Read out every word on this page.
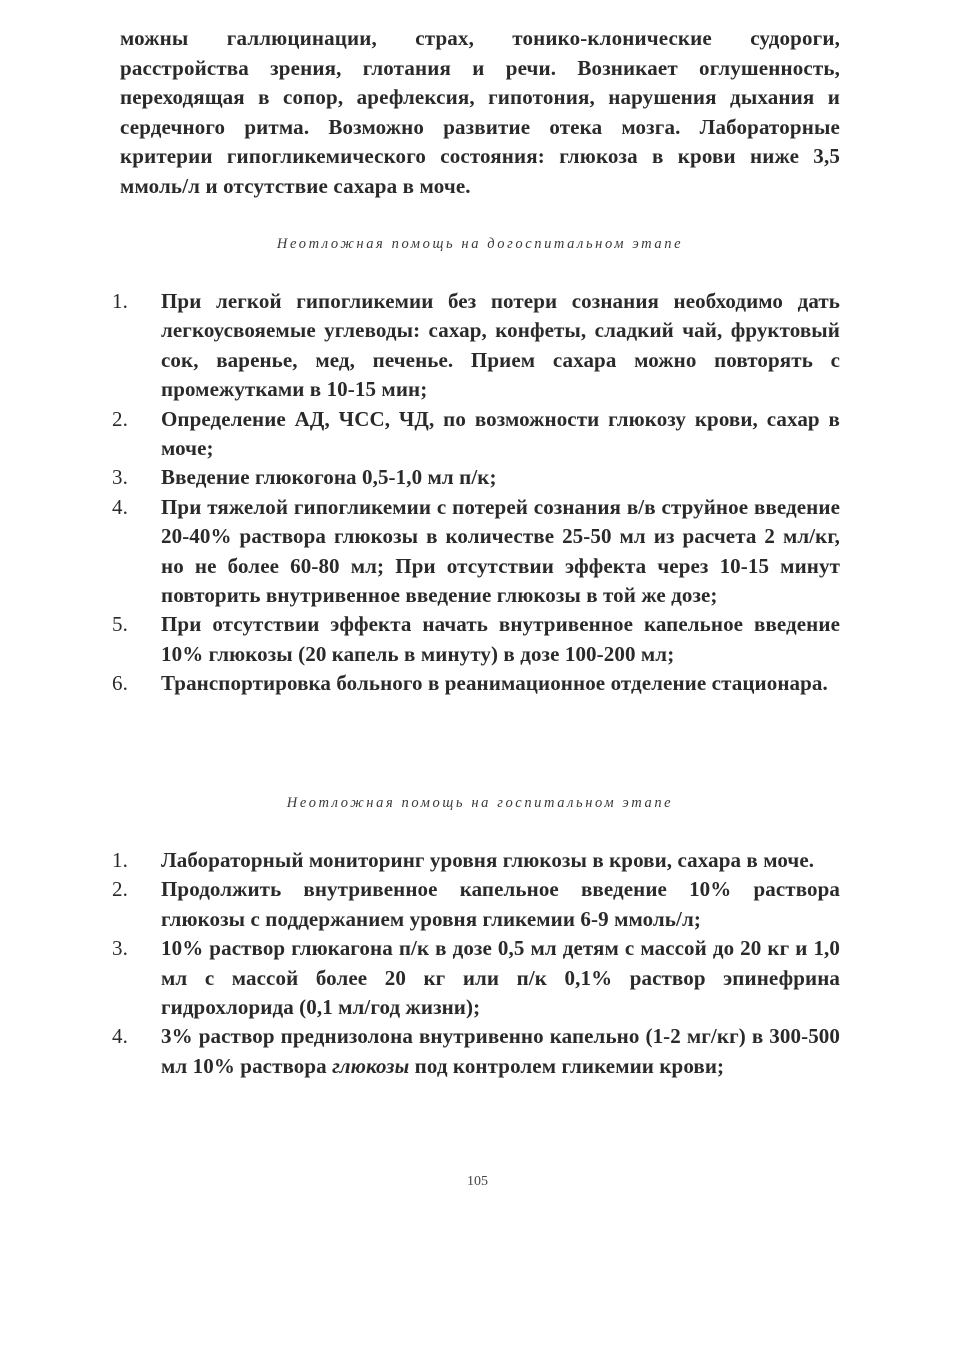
можны галлюцинации, страх, тонико-клонические судороги, расстройства зрения, глотания и речи. Возникает оглушенность, переходящая в сопор, арефлексия, гипотония, нарушения дыхания и сердечного ритма. Возможно развитие отека мозга. Лабораторные критерии гипогликемического состояния: глюкоза в крови ниже 3,5 ммоль/л и отсутствие сахара в моче.
Неотложная помощь на догоспитальном этапе
1.	При легкой гипогликемии без потери сознания необходимо дать легкоусвояемые углеводы: сахар, конфеты, сладкий чай, фруктовый сок, варенье, мед, печенье. Прием сахара можно повторять с промежутками в 10-15 мин;
2.	Определение АД, ЧСС, ЧД, по возможности глюкозу крови, сахар в моче;
3.	Введение глюкогона 0,5-1,0 мл п/к;
4.	При тяжелой гипогликемии с потерей сознания в/в струйное введение 20-40% раствора глюкозы в количестве 25-50 мл из расчета 2 мл/кг, но не более 60-80 мл; При отсутствии эффекта через 10-15 минут повторить внутривенное введение глюкозы в той же дозе;
5.	При отсутствии эффекта начать внутривенное капельное введение 10% глюкозы (20 капель в минуту) в дозе 100-200 мл;
6.	Транспортировка больного в реанимационное отделение стационара.
Неотложная помощь на госпитальном этапе
1.	Лабораторный мониторинг уровня глюкозы в крови, сахара в моче.
2.	Продолжить внутривенное капельное введение 10% раствора глюкозы с поддержанием уровня гликемии 6-9 ммоль/л;
3.	10% раствор глюкагона п/к в дозе 0,5 мл детям с массой до 20 кг и 1,0 мл с массой более 20 кг или п/к 0,1% раствор эпинефрина гидрохлорида (0,1 мл/год жизни);
4.	3% раствор преднизолона внутривенно капельно (1-2 мг/кг) в 300-500 мл 10% раствора глюкозы под контролем гликемии крови;
105
